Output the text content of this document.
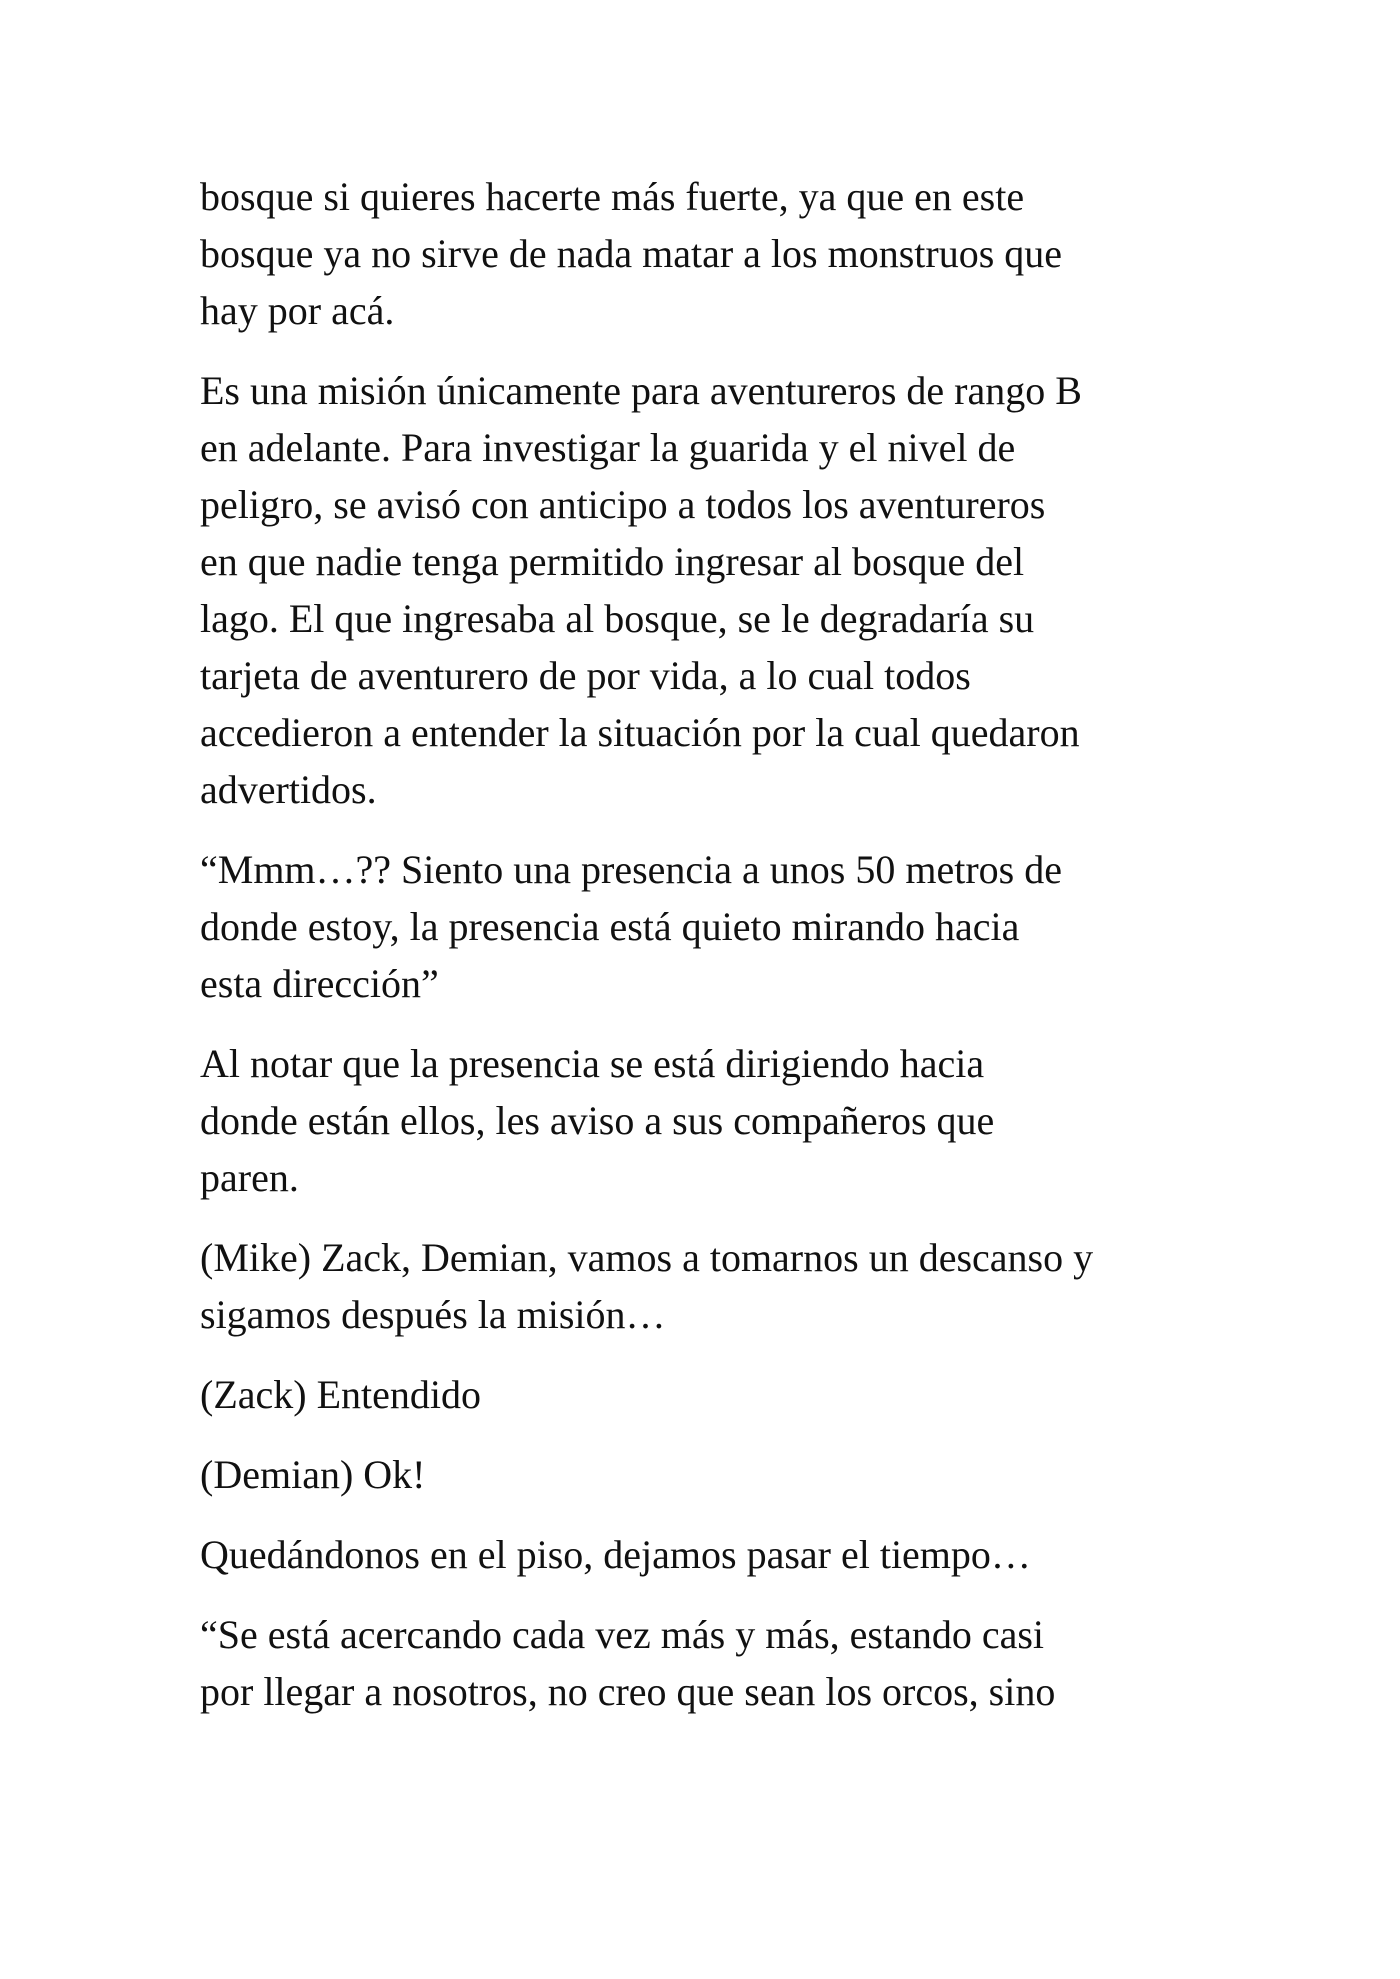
bosque si quieres hacerte más fuerte, ya que en este
bosque ya no sirve de nada matar a los monstruos que
hay por acá.

Es una misión únicamente para aventureros de rango B
en adelante. Para investigar la guarida y el nivel de
peligro, se avisó con anticipo a todos los aventureros
en que nadie tenga permitido ingresar al bosque del
lago. El que ingresaba al bosque, se le degradaría su
tarjeta de aventurero de por vida, a lo cual todos
accedieron a entender la situación por la cual quedaron
advertidos.

“Mmm…?? Siento una presencia a unos 50 metros de
donde estoy, la presencia está quieto mirando hacia
esta dirección”

Al notar que la presencia se está dirigiendo hacia
donde están ellos, les aviso a sus compañeros que
paren.

(Mike) Zack, Demian, vamos a tomarnos un descanso y
sigamos después la misión…

(Zack) Entendido

(Demian) Ok!

Quedándonos en el piso, dejamos pasar el tiempo…

“Se está acercando cada vez más y más, estando casi
por llegar a nosotros, no creo que sean los orcos, sino
